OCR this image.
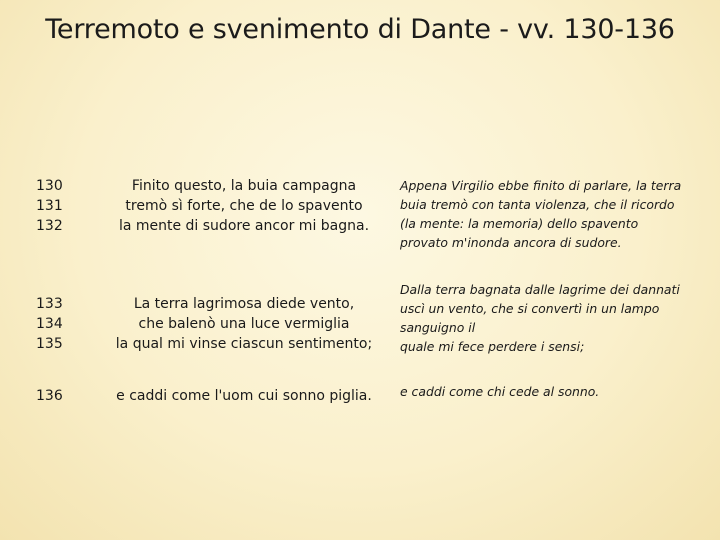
Terremoto e svenimento di Dante - vv. 130-136
130
131
132	Finito questo, la buia campagna
tremò sì forte, che de lo spavento
la mente di sudore ancor mi bagna.	Appena Virgilio ebbe finito di parlare, la terra
buia tremò con tanta violenza, che il ricordo
(la mente: la memoria) dello spavento
provato m'inonda ancora di sudore.

133
134
135	La terra lagrimosa diede vento,
che balenò una luce vermiglia
la qual mi vinse ciascun sentimento;	Dalla terra bagnata dalle lagrime dei dannati
uscì un vento, che si convertì in un lampo
sanguigno il
quale mi fece perdere i sensi;

136	e caddi come l'uom cui sonno piglia.	e caddi come chi cede al sonno.
